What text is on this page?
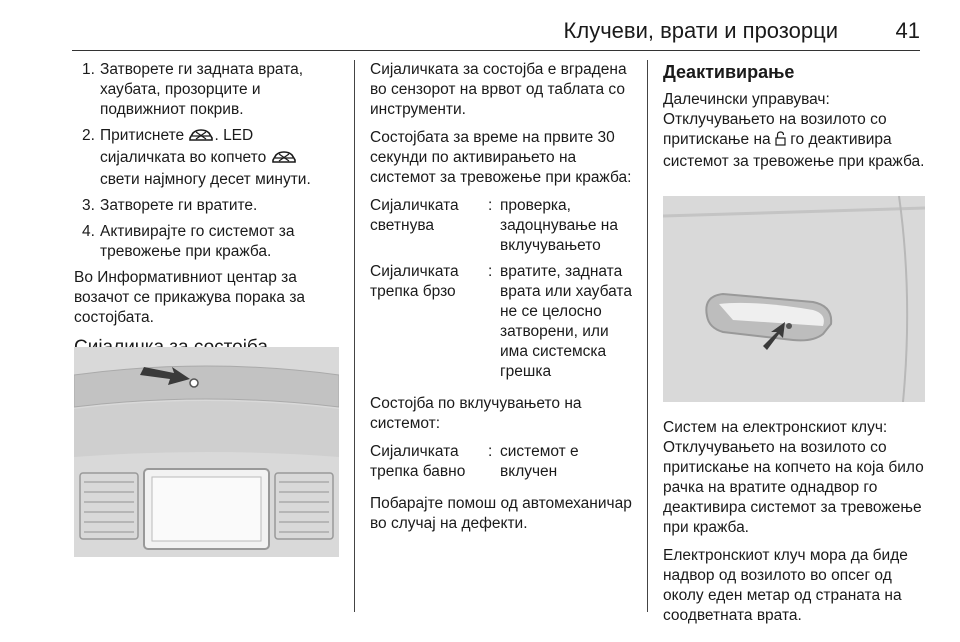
Клучеви, врати и прозорци	41
1. Затворете ги задната врата, хаубата, прозорците и подвижниот покрив.
2. Притиснете . LED сијаличката во копчето  свети најмногу десет минути.
3. Затворете ги вратите.
4. Активирајте го системот за тревожење при кражба.

Во Информативниот центар за возачот се прикажува порака за состојбата.

Сијаличката за состојба е вградена во сензорот на врвот од таблата со инструменти.

Состојбата за време на првите 30 секунди по активирањето на системот за тревожење при кражба:

Сијаличката светнува	:	проверка, задоцнување на вклучувањето
Сијаличката трепка брзо	:	вратите, задната врата или хаубата не се целосно затворени, или има системска грешка

Состојба по вклучувањето на системот:

Сијаличката трепка бавно	:	системот е вклучен

Побарајте помош од автомеханичар во случај на дефекти.

Деактивирање

Далечински управувач:

Отклучувањето на возилото со притискање на  го деактивира системот за тревожење при кражба.

Систем на електронскиот клуч:

Отклучувањето на возилото со притискање на копчето на која било рачка на вратите однадвор го деактивира системот за тревожење при кражба.

Електронскиот клуч мора да биде надвор од возилото во опсег од околу еден метар од страната на соодветната врата.
